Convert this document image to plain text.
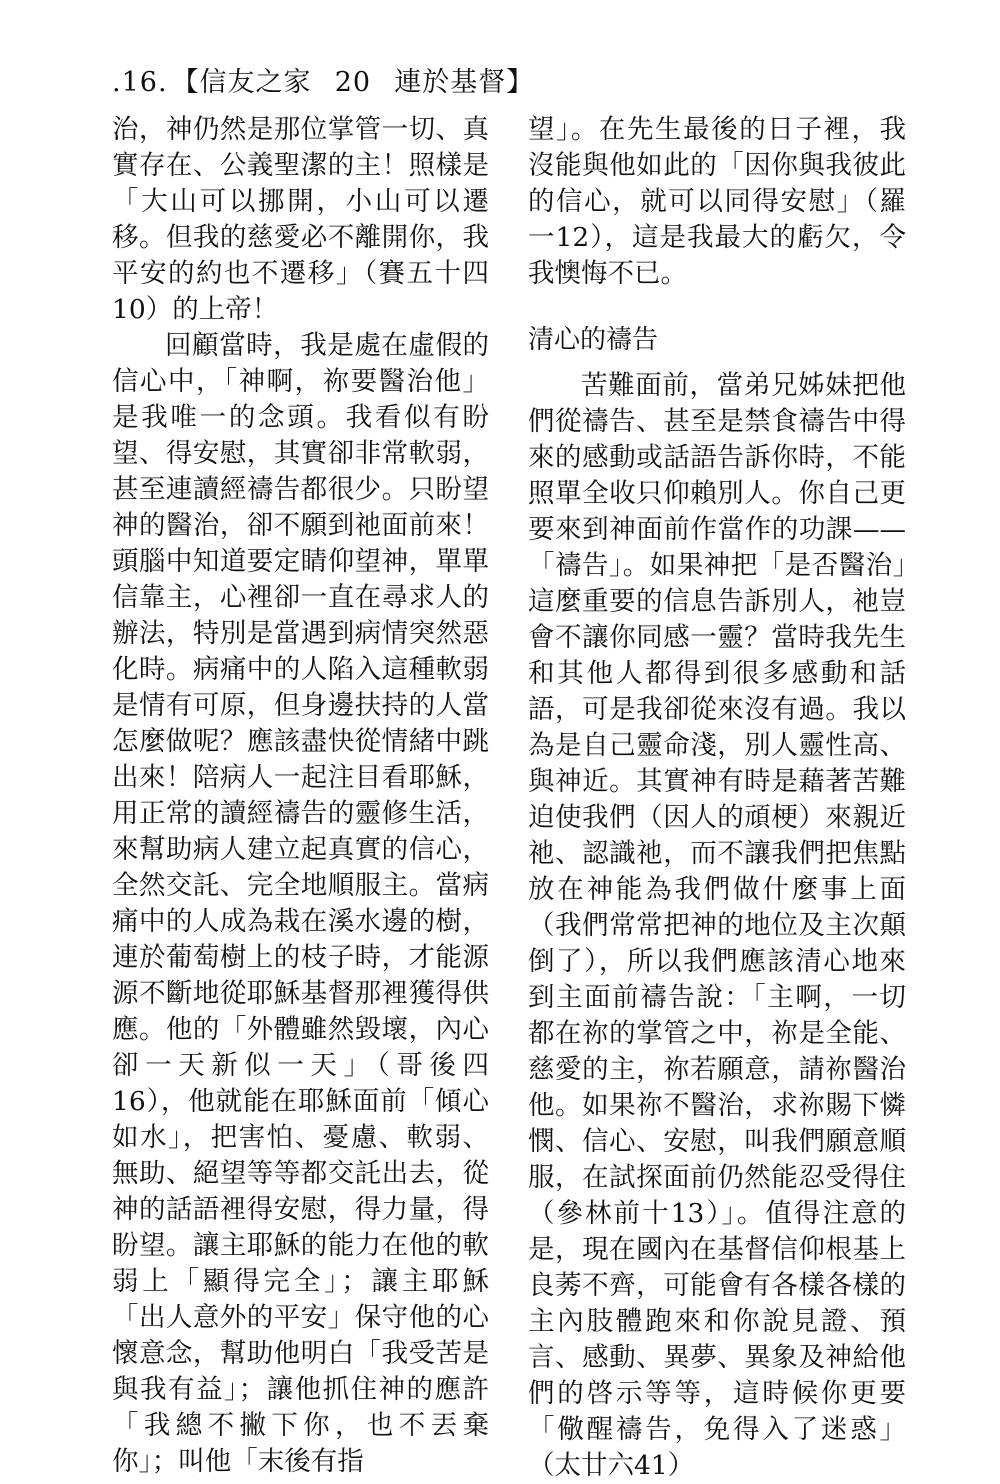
.16. 【信友之家 20 連於基督】

治，神仍然是那位掌管一切、真實存在、公義聖潔的主！照樣是「大山可以挪開，小山可以遷移。但我的慈愛必不離開你，我平安的約也不遷移」（賽五十四10）的上帝！

回顧當時，我是處在虛假的信心中，「神啊，祢要醫治他」是我唯一的念頭。我看似有盼望、得安慰，其實卻非常軟弱，甚至連讀經禱告都很少。只盼望神的醫治，卻不願到祂面前來！頭腦中知道要定睛仰望神，單單信靠主，心裡卻一直在尋求人的辦法，特別是當遇到病情突然惡化時。病痛中的人陷入這種軟弱是情有可原，但身邊扶持的人當怎麼做呢？應該盡快從情緒中跳出來！陪病人一起注目看耶穌，用正常的讀經禱告的靈修生活，來幫助病人建立起真實的信心，全然交託、完全地順服主。當病痛中的人成為栽在溪水邊的樹，連於葡萄樹上的枝子時，才能源源不斷地從耶穌基督那裡獲得供應。他的「外體雖然毀壞，內心卻一天新似一天」（哥後四16），他就能在耶穌面前「傾心如水」，把害怕、憂慮、軟弱、無助、絕望等等都交託出去，從神的話語裡得安慰，得力量，得盼望。讓主耶穌的能力在他的軟弱上「顯得完全」；讓主耶穌「出人意外的平安」保守他的心懷意念，幫助他明白「我受苦是與我有益」；讓他抓住神的應許「我總不撇下你，也不丟棄你」；叫他「末後有指

望」。在先生最後的日子裡，我沒能與他如此的「因你與我彼此的信心，就可以同得安慰」（羅一12），這是我最大的虧欠，令我懊悔不已。

清心的禱告

苦難面前，當弟兄姊妹把他們從禱告、甚至是禁食禱告中得來的感動或話語告訴你時，不能照單全收只仰賴別人。你自己更要來到神面前作當作的功課——「禱告」。如果神把「是否醫治」這麼重要的信息告訴別人，祂豈會不讓你同感一靈？當時我先生和其他人都得到很多感動和話語，可是我卻從來沒有過。我以為是自己靈命淺，別人靈性高、與神近。其實神有時是藉著苦難迫使我們（因人的頑梗）來親近祂、認識祂，而不讓我們把焦點放在神能為我們做什麼事上面（我們常常把神的地位及主次顛倒了），所以我們應該清心地來到主面前禱告說：「主啊，一切都在祢的掌管之中，祢是全能、慈愛的主，祢若願意，請祢醫治他。如果祢不醫治，求祢賜下憐憫、信心、安慰，叫我們願意順服，在試探面前仍然能忍受得住（參林前十13）」。值得注意的是，現在國內在基督信仰根基上良莠不齊，可能會有各樣各樣的主內肢體跑來和你說見證、預言、感動、異夢、異象及神給他們的啓示等等，這時候你更要「儆醒禱告，免得入了迷惑」（太廿六41）
